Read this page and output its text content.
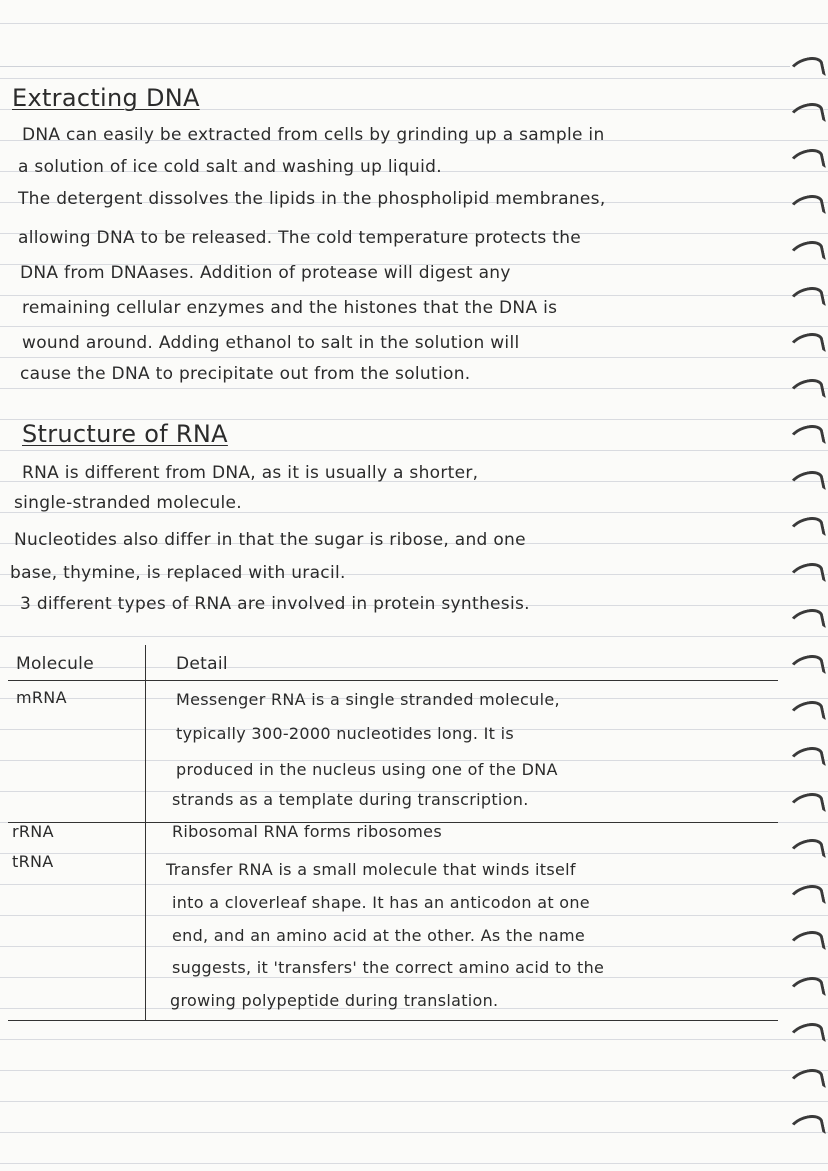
Extracting DNA
DNA can easily be extracted from cells by grinding up a sample in
a solution of ice cold salt and washing up liquid.
The detergent dissolves the lipids in the phospholipid membranes,
allowing DNA to be released. The cold temperature protects the
DNA from DNAases. Addition of protease will digest any
remaining cellular enzymes and the histones that the DNA is
wound around. Adding ethanol to salt in the solution will
cause the DNA to precipitate out from the solution.
Structure of RNA
RNA is different from DNA, as it is usually a shorter,
single-stranded molecule.
Nucleotides also differ in that the sugar is ribose, and one
base, thymine, is replaced with uracil.
3 different types of RNA are involved in protein synthesis.
Molecule	Detail
mRNA	Messenger RNA is a single stranded molecule,
typically 300-2000 nucleotides long. It is
produced in the nucleus using one of the DNA
strands as a template during transcription.
rRNA	Ribosomal RNA forms ribosomes
tRNA	Transfer RNA is a small molecule that winds itself
into a cloverleaf shape. It has an anticodon at one
end, and an amino acid at the other. As the name
suggests, it 'transfers' the correct amino acid to the
growing polypeptide during translation.
